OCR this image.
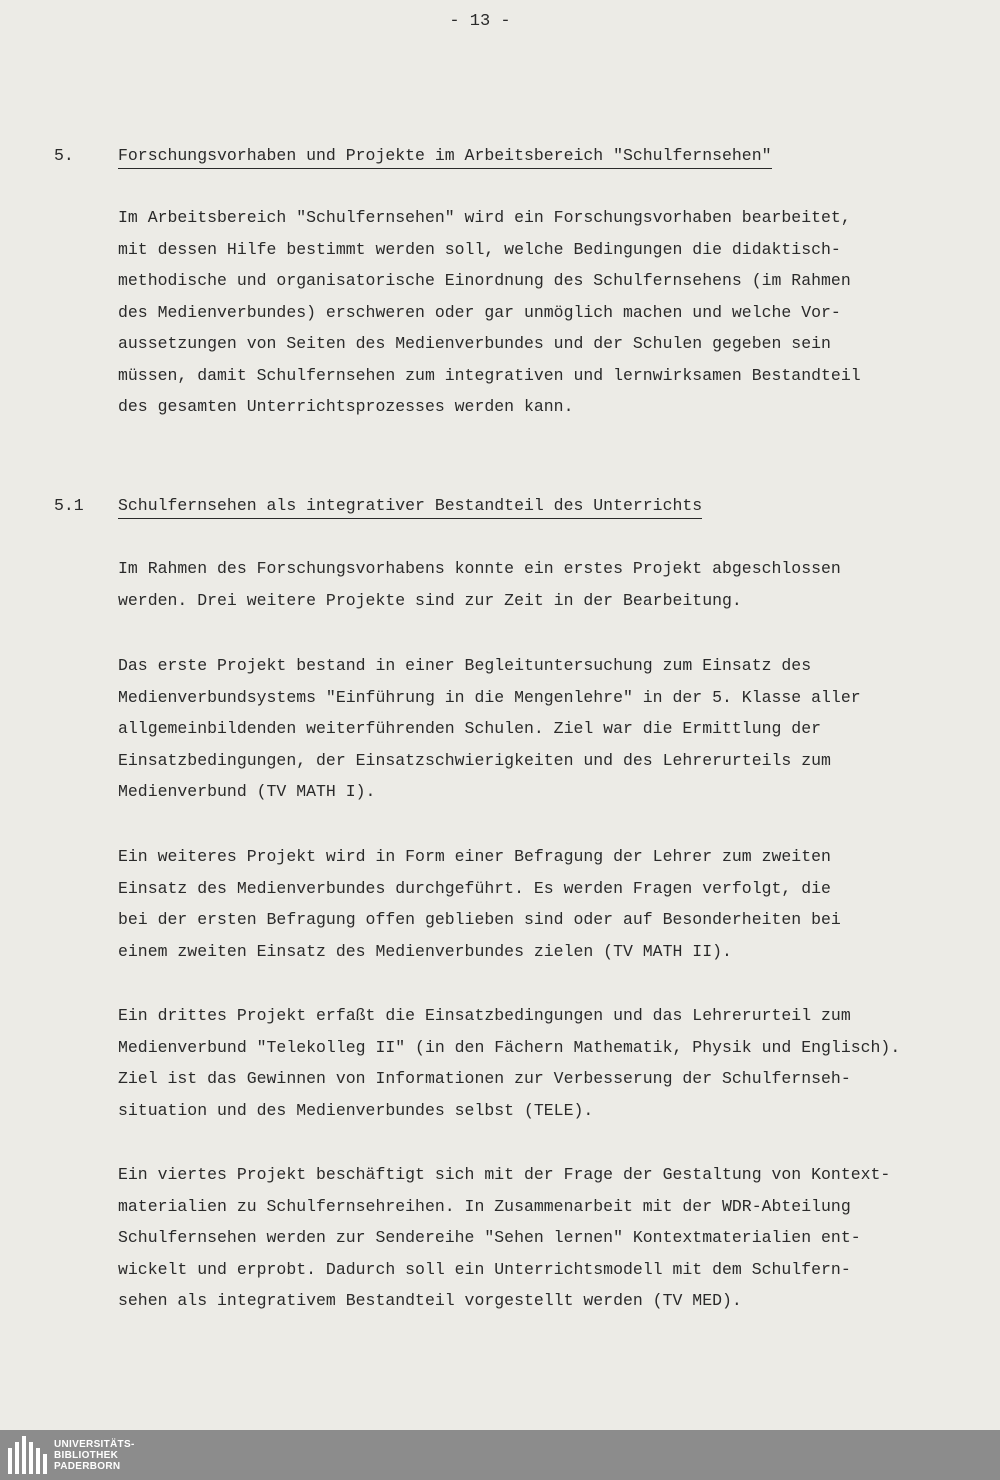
- 13 -
5.	Forschungsvorhaben und Projekte im Arbeitsbereich "Schulfernsehen"
Im Arbeitsbereich "Schulfernsehen" wird ein Forschungsvorhaben bearbeitet,
mit dessen Hilfe bestimmt werden soll, welche Bedingungen die didaktisch-
methodische und organisatorische Einordnung des Schulfernsehens (im Rahmen
des Medienverbundes) erschweren oder gar unmöglich machen und welche Vor-
aussetzungen von Seiten des Medienverbundes und der Schulen gegeben sein
müssen, damit Schulfernsehen zum integrativen und lernwirksamen Bestandteil
des gesamten Unterrichtsprozesses werden kann.
5.1 Schulfernsehen als integrativer Bestandteil des Unterrichts
Im Rahmen des Forschungsvorhabens konnte ein erstes Projekt abgeschlossen
werden. Drei weitere Projekte sind zur Zeit in der Bearbeitung.
Das erste Projekt bestand in einer Begleituntersuchung zum Einsatz des
Medienverbundsystems "Einführung in die Mengenlehre" in der 5. Klasse aller
allgemeinbildenden weiterführenden Schulen. Ziel war die Ermittlung der
Einsatzbedingungen, der Einsatzschwierigkeiten und des Lehrerurteils zum
Medienverbund (TV MATH I).
Ein weiteres Projekt wird in Form einer Befragung der Lehrer zum zweiten
Einsatz des Medienverbundes durchgeführt. Es werden Fragen verfolgt, die
bei der ersten Befragung offen geblieben sind oder auf Besonderheiten bei
einem zweiten Einsatz des Medienverbundes zielen (TV MATH II).
Ein drittes Projekt erfaßt die Einsatzbedingungen und das Lehrerurteil zum
Medienverbund "Telekolleg II" (in den Fächern Mathematik, Physik und Englisch).
Ziel ist das Gewinnen von Informationen zur Verbesserung der Schulfernseh-
situation und des Medienverbundes selbst (TELE).
Ein viertes Projekt beschäftigt sich mit der Frage der Gestaltung von Kontext-
materialien zu Schulfernsehreihen. In Zusammenarbeit mit der WDR-Abteilung
Schulfernsehen werden zur Sendereihe "Sehen lernen" Kontextmaterialien ent-
wickelt und erprobt. Dadurch soll ein Unterrichtsmodell mit dem Schulfern-
sehen als integrativem Bestandteil vorgestellt werden (TV MED).
UNIVERSITÄTS-
BIBLIOTHEK
PADERBORN
